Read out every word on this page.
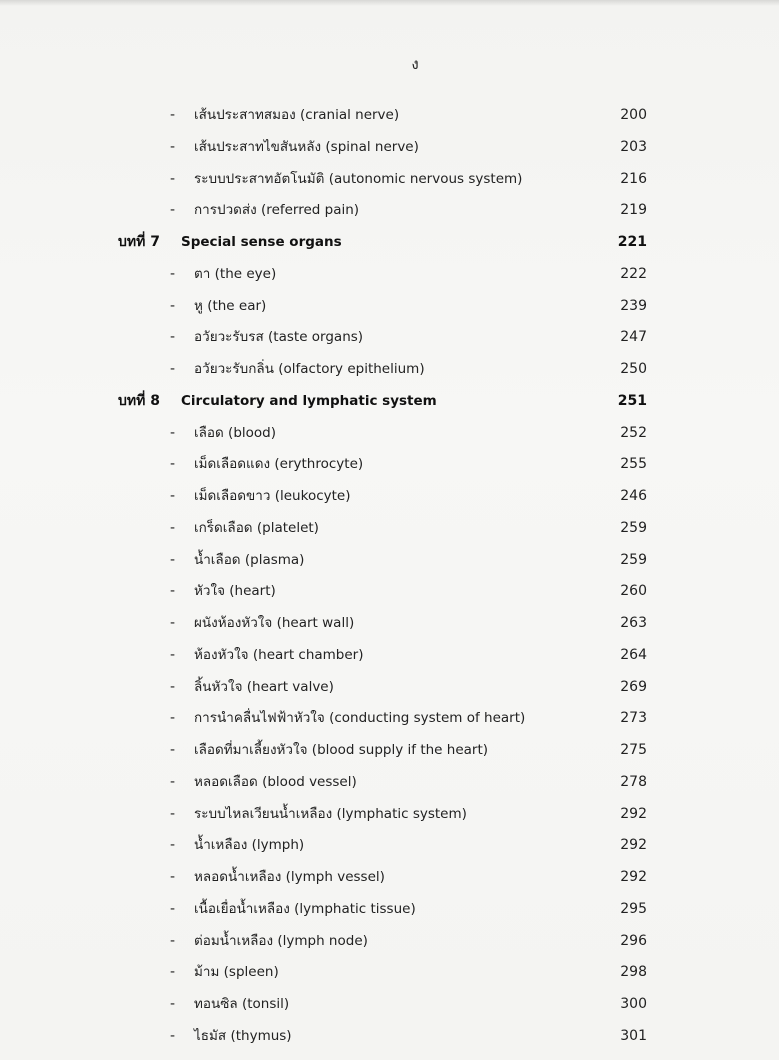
ง
- เส้นประสาทสมอง (cranial nerve)	200
- เส้นประสาทไขสันหลัง (spinal nerve)	203
- ระบบประสาทอัตโนมัติ (autonomic nervous system)	216
- การปวดส่ง (referred pain)	219
บทที่ 7 Special sense organs	221
- ตา (the eye)	222
- หู (the ear)	239
- อวัยวะรับรส (taste organs)	247
- อวัยวะรับกลิ่น (olfactory epithelium)	250
บทที่ 8 Circulatory and lymphatic system	251
- เลือด (blood)	252
- เม็ดเลือดแดง (erythrocyte)	255
- เม็ดเลือดขาว (leukocyte)	246
- เกร็ดเลือด (platelet)	259
- น้ำเลือด (plasma)	259
- หัวใจ (heart)	260
- ผนังห้องหัวใจ (heart wall)	263
- ห้องหัวใจ (heart chamber)	264
- ลิ้นหัวใจ (heart valve)	269
- การนำคลื่นไฟฟ้าหัวใจ (conducting system of heart)	273
- เลือดที่มาเลี้ยงหัวใจ (blood supply if the heart)	275
- หลอดเลือด (blood vessel)	278
- ระบบไหลเวียนน้ำเหลือง (lymphatic system)	292
- น้ำเหลือง (lymph)	292
- หลอดน้ำเหลือง (lymph vessel)	292
- เนื้อเยื่อน้ำเหลือง (lymphatic tissue)	295
- ต่อมน้ำเหลือง (lymph node)	296
- ม้าม (spleen)	298
- ทอนซิล (tonsil)	300
- ไธมัส (thymus)	301
